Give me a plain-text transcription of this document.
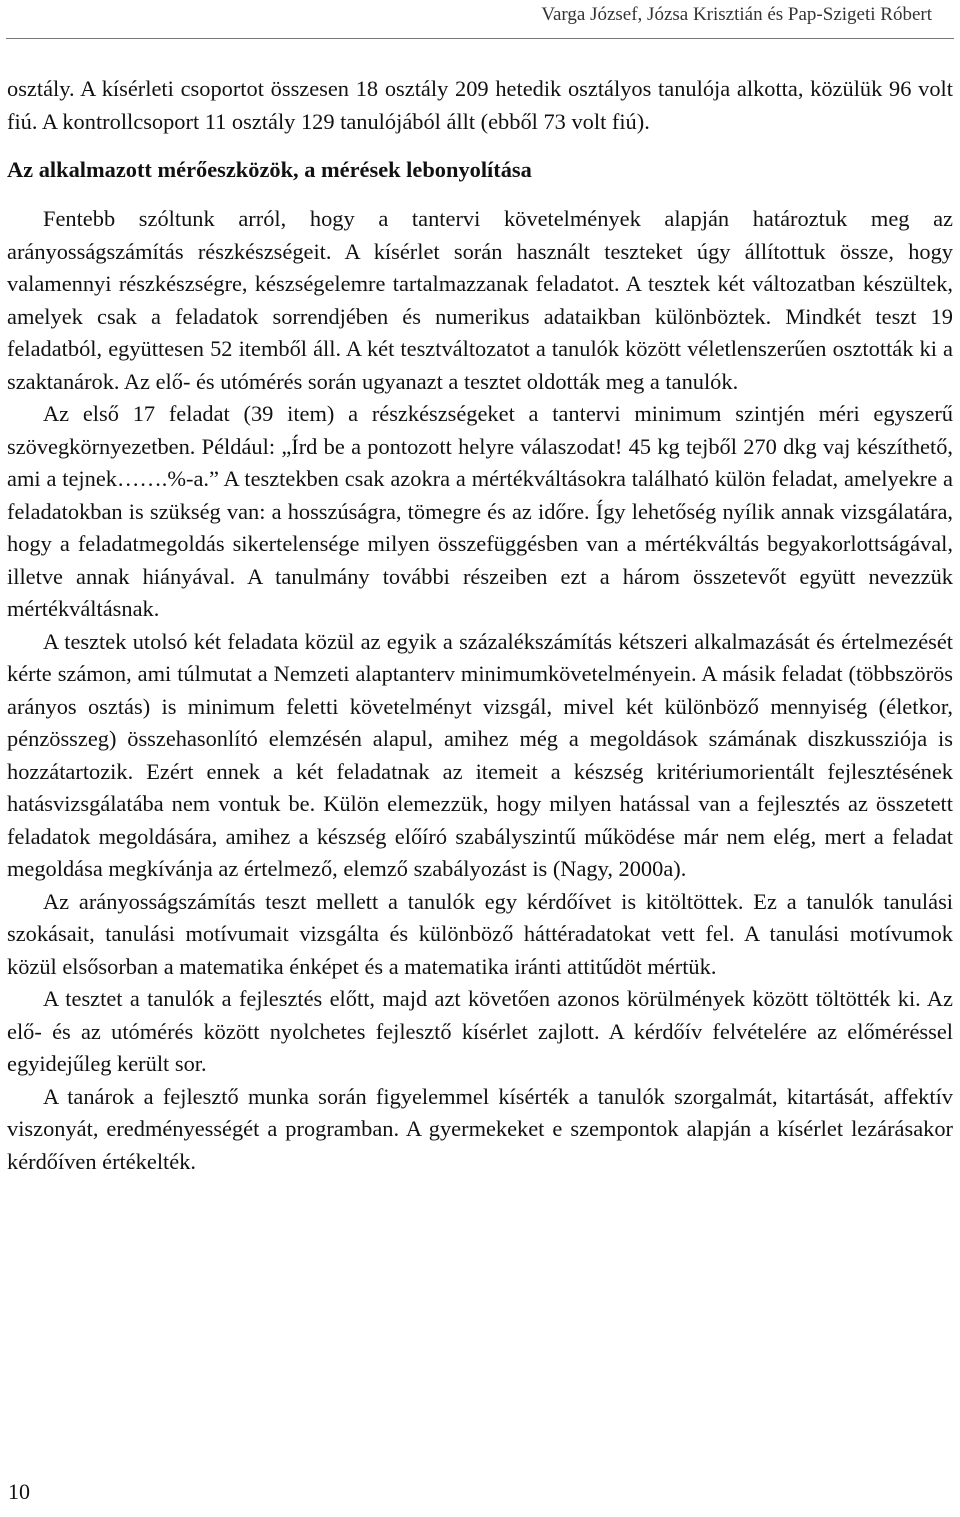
Varga József, Józsa Krisztián és Pap-Szigeti Róbert

osztály. A kísérleti csoportot összesen 18 osztály 209 hetedik osztályos tanulója alkotta, közülük 96 volt fiú. A kontrollcsoport 11 osztály 129 tanulójából állt (ebből 73 volt fiú).

Az alkalmazott mérőeszközök, a mérések lebonyolítása

Fentebb szóltunk arról, hogy a tantervi követelmények alapján határoztuk meg az arányosságszámítás részkészségeit. A kísérlet során használt teszteket úgy állítottuk össze, hogy valamennyi részkészségre, készségelemre tartalmazzanak feladatot. A tesztek két változatban készültek, amelyek csak a feladatok sorrendjében és numerikus adataikban különböztek. Mindkét teszt 19 feladatból, együttesen 52 itemből áll. A két tesztváltozatot a tanulók között véletlenszerűen osztották ki a szaktanárok. Az elő- és utómérés során ugyanazt a tesztet oldották meg a tanulók.

Az első 17 feladat (39 item) a részkészségeket a tantervi minimum szintjén méri egyszerű szövegkörnyezetben. Például: „Írd be a pontozott helyre válaszodat! 45 kg tejből 270 dkg vaj készíthető, ami a tejnek…….%-a.” A tesztekben csak azokra a mértékváltásokra található külön feladat, amelyekre a feladatokban is szükség van: a hosszúságra, tömegre és az időre. Így lehetőség nyílik annak vizsgálatára, hogy a feladatmegoldás sikertelensége milyen összefüggésben van a mértékváltás begyakorlottságával, illetve annak hiányával. A tanulmány további részeiben ezt a három összetevőt együtt nevezzük mértékváltásnak.

A tesztek utolsó két feladata közül az egyik a százalékszámítás kétszeri alkalmazását és értelmezését kérte számon, ami túlmutat a Nemzeti alaptanterv minimumkövetelményein. A másik feladat (többszörös arányos osztás) is minimum feletti követelményt vizsgál, mivel két különböző mennyiség (életkor, pénzösszeg) összehasonlító elemzésén alapul, amihez még a megoldások számának diszkussziója is hozzátartozik. Ezért ennek a két feladatnak az itemeit a készség kritériumorientált fejlesztésének hatásvizsgálatába nem vontuk be. Külön elemezzük, hogy milyen hatással van a fejlesztés az összetett feladatok megoldására, amihez a készség előíró szabályszintű működése már nem elég, mert a feladat megoldása megkívánja az értelmező, elemző szabályozást is (Nagy, 2000a).

Az arányosságszámítás teszt mellett a tanulók egy kérdőívet is kitöltöttek. Ez a tanulók tanulási szokásait, tanulási motívumait vizsgálta és különböző háttéradatokat vett fel. A tanulási motívumok közül elsősorban a matematika énképet és a matematika iránti attitűdöt mértük.

A tesztet a tanulók a fejlesztés előtt, majd azt követően azonos körülmények között töltötték ki. Az elő- és az utómérés között nyolchetes fejlesztő kísérlet zajlott. A kérdőív felvételére az előméréssel egyidejűleg került sor.

A tanárok a fejlesztő munka során figyelemmel kísérték a tanulók szorgalmát, kitartását, affektív viszonyát, eredményességét a programban. A gyermekeket e szempontok alapján a kísérlet lezárásakor kérdőíven értékelték.

10
